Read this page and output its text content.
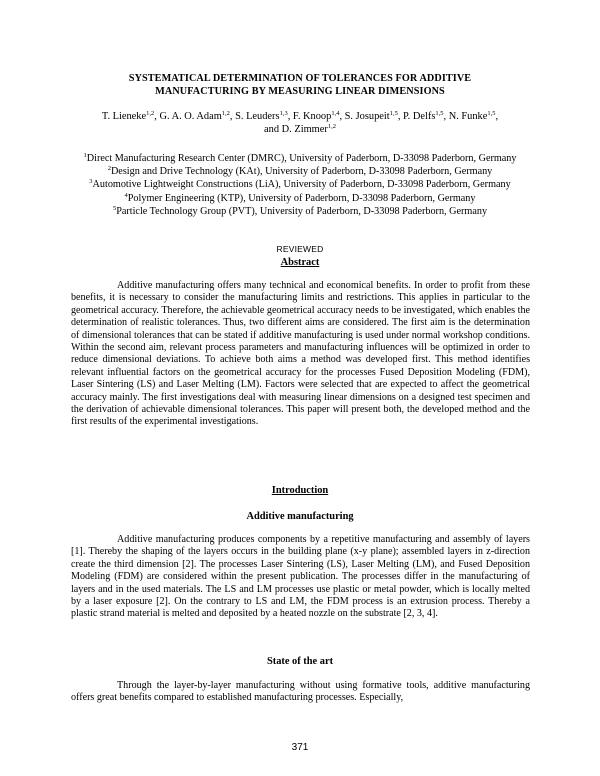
SYSTEMATICAL DETERMINATION OF TOLERANCES FOR ADDITIVE
MANUFACTURING BY MEASURING LINEAR DIMENSIONS
T. Lieneke$^{1,2}$, G. A. O. Adam$^{1,2}$, S. Leuders$^{1,3}$, F. Knoop$^{1,4}$, S. Josupeit$^{1,5}$, P. Delfs$^{1,5}$, N. Funke$^{1,5}$,
and D. Zimmer$^{1,2}$
$^1$Direct Manufacturing Research Center (DMRC), University of Paderborn, D-33098 Paderborn, Germany
$^2$Design and Drive Technology (KAt), University of Paderborn, D-33098 Paderborn, Germany
$^3$Automotive Lightweight Constructions (LiA), University of Paderborn, D-33098 Paderborn, Germany
$^4$Polymer Engineering (KTP), University of Paderborn, D-33098 Paderborn, Germany
$^5$Particle Technology Group (PVT), University of Paderborn, D-33098 Paderborn, Germany
REVIEWED
Abstract
Additive manufacturing offers many technical and economical benefits. In order to profit from these benefits, it is necessary to consider the manufacturing limits and restrictions. This applies in particular to the geometrical accuracy. Therefore, the achievable geometrical accuracy needs to be investigated, which enables the determination of realistic tolerances. Thus, two different aims are considered. The first aim is the determination of dimensional tolerances that can be stated if additive manufacturing is used under normal workshop conditions. Within the second aim, relevant process parameters and manufacturing influences will be optimized in order to reduce dimensional deviations. To achieve both aims a method was developed first. This method identifies relevant influential factors on the geometrical accuracy for the processes Fused Deposition Modeling (FDM), Laser Sintering (LS) and Laser Melting (LM). Factors were selected that are expected to affect the geometrical accuracy mainly. The first investigations deal with measuring linear dimensions on a designed test specimen and the derivation of achievable dimensional tolerances. This paper will present both, the developed method and the first results of the experimental investigations.
Introduction
Additive manufacturing
Additive manufacturing produces components by a repetitive manufacturing and assembly of layers [1]. Thereby the shaping of the layers occurs in the building plane (x-y plane); assembled layers in z-direction create the third dimension [2]. The processes Laser Sintering (LS), Laser Melting (LM), and Fused Deposition Modeling (FDM) are considered within the present publication. The processes differ in the manufacturing of layers and in the used materials. The LS and LM processes use plastic or metal powder, which is locally melted by a laser exposure [2]. On the contrary to LS and LM, the FDM process is an extrusion process. Thereby a plastic strand material is melted and deposited by a heated nozzle on the substrate [2, 3, 4].
State of the art
Through the layer-by-layer manufacturing without using formative tools, additive manufacturing offers great benefits compared to established manufacturing processes. Especially,
371
